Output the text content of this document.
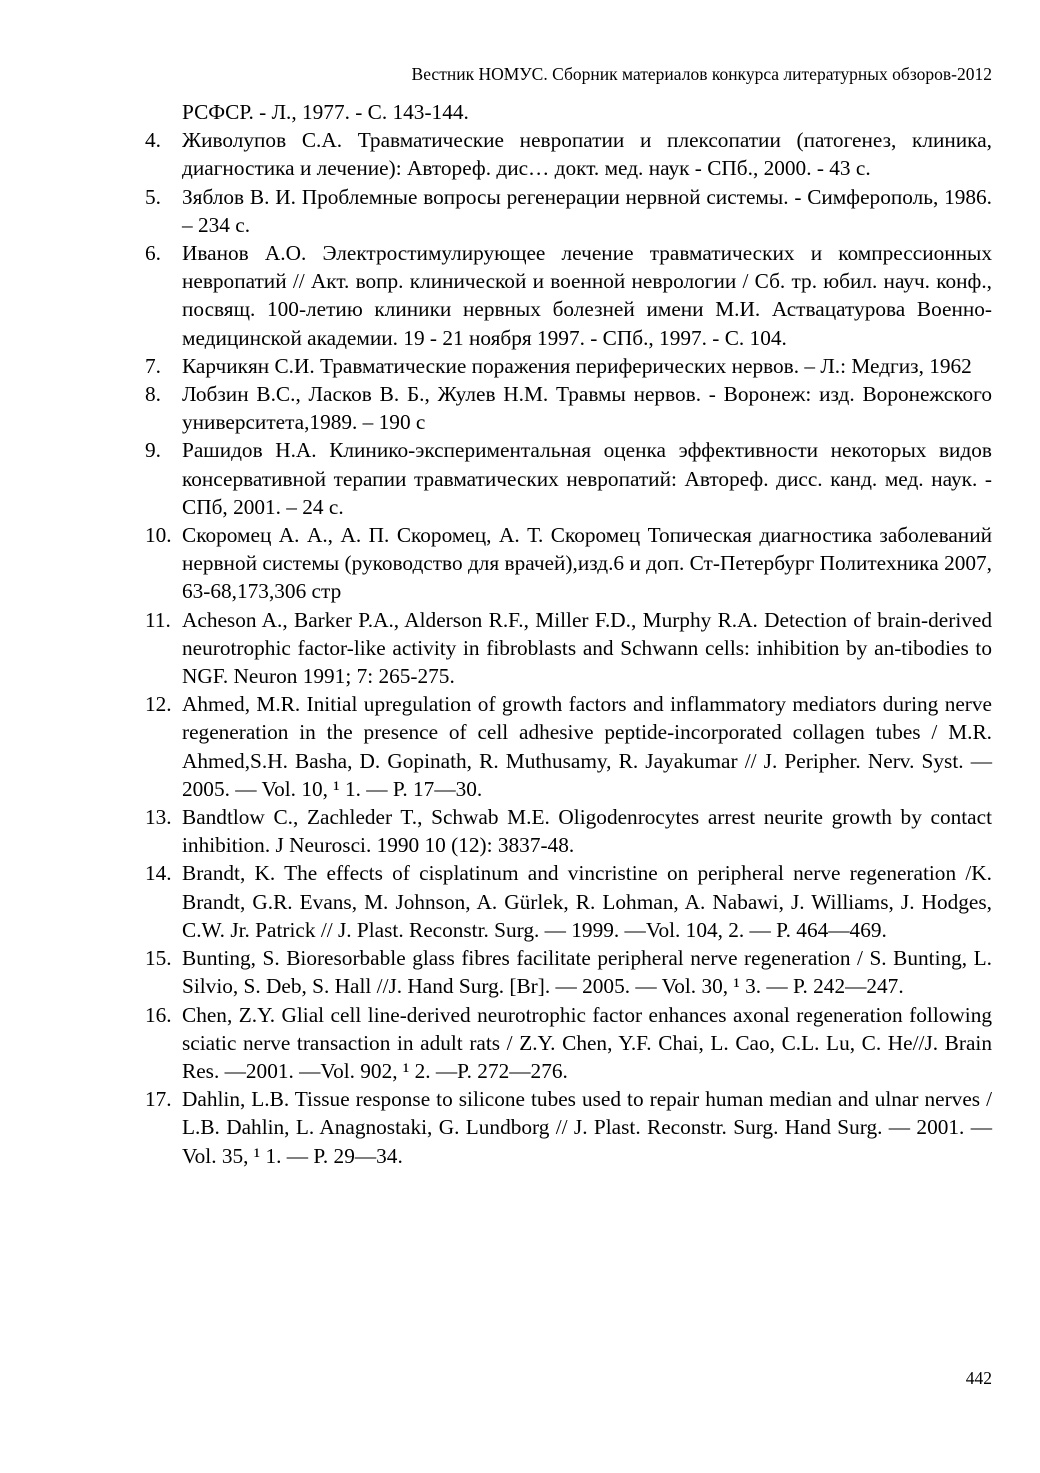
Вестник НОМУС. Сборник материалов конкурса литературных обзоров-2012
РСФСР. - Л., 1977. - С. 143-144.
4. Живолупов С.А. Травматические невропатии и плексопатии (патогенез, клиника, диагностика и лечение): Автореф. дис… докт. мед. наук - СПб., 2000. - 43 с.
5. Зяблов В. И. Проблемные вопросы регенерации нервной системы. - Симферополь, 1986. – 234 с.
6. Иванов А.О. Электростимулирующее лечение травматических и компрессионных невропатий // Акт. вопр. клинической и военной неврологии / Сб. тр. юбил. науч. конф., посвящ. 100-летию клиники нервных болезней имени М.И. Аствацатурова Военно-медицинской академии. 19 - 21 ноября 1997. - СПб., 1997. - С. 104.
7. Карчикян С.И. Травматические поражения периферических нервов. – Л.: Медгиз, 1962
8. Лобзин В.С., Ласков В. Б., Жулев Н.М. Травмы нервов. - Воронеж: изд. Воронежского университета,1989. – 190 с
9. Рашидов Н.А. Клинико-экспериментальная оценка эффективности некоторых видов консервативной терапии травматических невропатий: Автореф. дисс. канд. мед. наук. - СПб, 2001. – 24 с.
10. Скоромец А. А., А. П. Скоромец, А. Т. Скоромец Топическая диагностика заболеваний нервной системы (руководство для врачей),изд.6 и доп. Ст-Петербург Политехника 2007, 63-68,173,306 стр
11. Acheson A., Barker P.A., Alderson R.F., Miller F.D., Murphy R.A. Detection of brain-derived neurotrophic factor-like activity in fibroblasts and Schwann cells: inhibition by an-tibodies to NGF. Neuron 1991; 7: 265-275.
12. Ahmed, M.R. Initial upregulation of growth factors and inflammatory mediators during nerve regeneration in the presence of cell adhesive peptide-incorporated collagen tubes / M.R. Ahmed,S.H. Basha, D. Gopinath, R. Muthusamy, R. Jayakumar // J. Peripher. Nerv. Syst. — 2005. — Vol. 10, ¹ 1. — P. 17—30.
13. Bandtlow C., Zachleder T., Schwab M.E. Oligodenrocytes arrest neurite growth by contact inhibition. J Neurosci. 1990 10 (12): 3837-48.
14. Brandt, K. The effects of cisplatinum and vincristine on peripheral nerve regeneration /K. Brandt, G.R. Evans, M. Johnson, A. Gürlek, R. Lohman, A. Nabawi, J. Williams, J. Hodges, C.W. Jr. Patrick // J. Plast. Reconstr. Surg. — 1999. —Vol. 104, 2. — P. 464—469.
15. Bunting, S. Bioresorbable glass fibres facilitate peripheral nerve regeneration / S. Bunting, L. Silvio, S. Deb, S. Hall //J. Hand Surg. [Br]. — 2005. — Vol. 30, ¹ 3. — P. 242—247.
16. Chen, Z.Y. Glial cell line-derived neurotrophic factor enhances axonal regeneration following sciatic nerve transaction in adult rats / Z.Y. Chen, Y.F. Chai, L. Cao, C.L. Lu, C. He//J. Brain Res. —2001. —Vol. 902, ¹ 2. —P. 272—276.
17. Dahlin, L.B. Tissue response to silicone tubes used to repair human median and ulnar nerves / L.B. Dahlin, L. Anagnostaki, G. Lundborg // J. Plast. Reconstr. Surg. Hand Surg. — 2001. —Vol. 35, ¹ 1. — P. 29—34.
442
